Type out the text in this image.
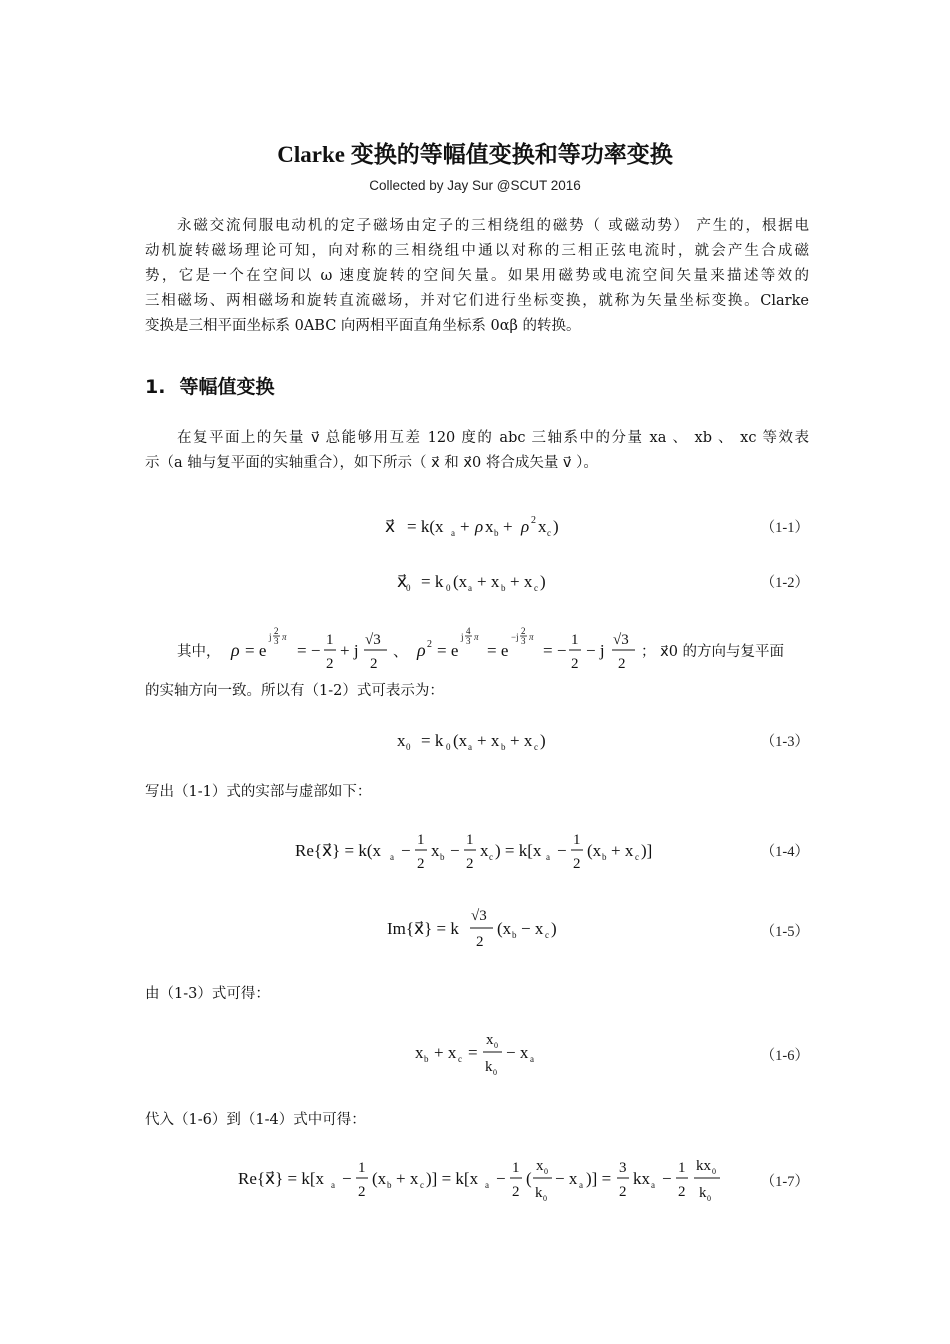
Clarke 变换的等幅值变换和等功率变换
Collected by Jay Sur @SCUT 2016
永磁交流伺服电动机的定子磁场由定子的三相绕组的磁势（ 或磁动势） 产生的，根据电
动机旋转磁场理论可知，向对称的三相绕组中通以对称的三相正弦电流时，就会产生合成磁
势，它是一个在空间以 ω 速度旋转的空间矢量。如果用磁势或电流空间矢量来描述等效的
三相磁场、两相磁场和旋转直流磁场，并对它们进行坐标变换，就称为矢量坐标变换。Clarke
变换是三相平面坐标系 0ABC 向两相平面直角坐标系 0αβ 的转换。
1. 等幅值变换
在复平面上的矢量 v⃗ 总能够用互差 120 度的 abc 三轴系中的分量 xa 、 xb 、 xc 等效表
示（a 轴与复平面的实轴重合），如下所示（ x⃗ 和 x⃗0 将合成矢量 v⃗ ）。
x⃗ = k(x a + ρ x b + ρ 2 x c )	（1-1）
x⃗
0 = k 0 (x a + x b + x c )	（1-2）
其中， ρ = e
j
2
3 π
= −
1
2
+ j
√3
2
、 ρ 2 = e
j
4
3 π
= e
−j
2
3 π
= −
1
2
− j
√3
2
； x⃗0 的方向与复平面
的实轴方向一致。所以有（1-2）式可表示为：
x 0 = k 0 (x a + x b + x c )	（1-3）
写出（1-1）式的实部与虚部如下：
Re{x⃗} = k(x a −
1
2
x b −
1
2
x c ) = k[x a −
1
2
(x b + x c )]	（1-4）
Im{x⃗} = k
√3
2
(x b − x c )	（1-5）
由（1-3）式可得：
x b + x c =
x 0
k 0
− x a	（1-6）
代入（1-6）到（1-4）式中可得：
Re{x⃗} = k[x a −
1
2
(x b + x c )] = k[x a −
1
2
(
x 0
k 0
− x a )] =
3
2
kx a −
1
2
kx 0
k 0
（1-7）
